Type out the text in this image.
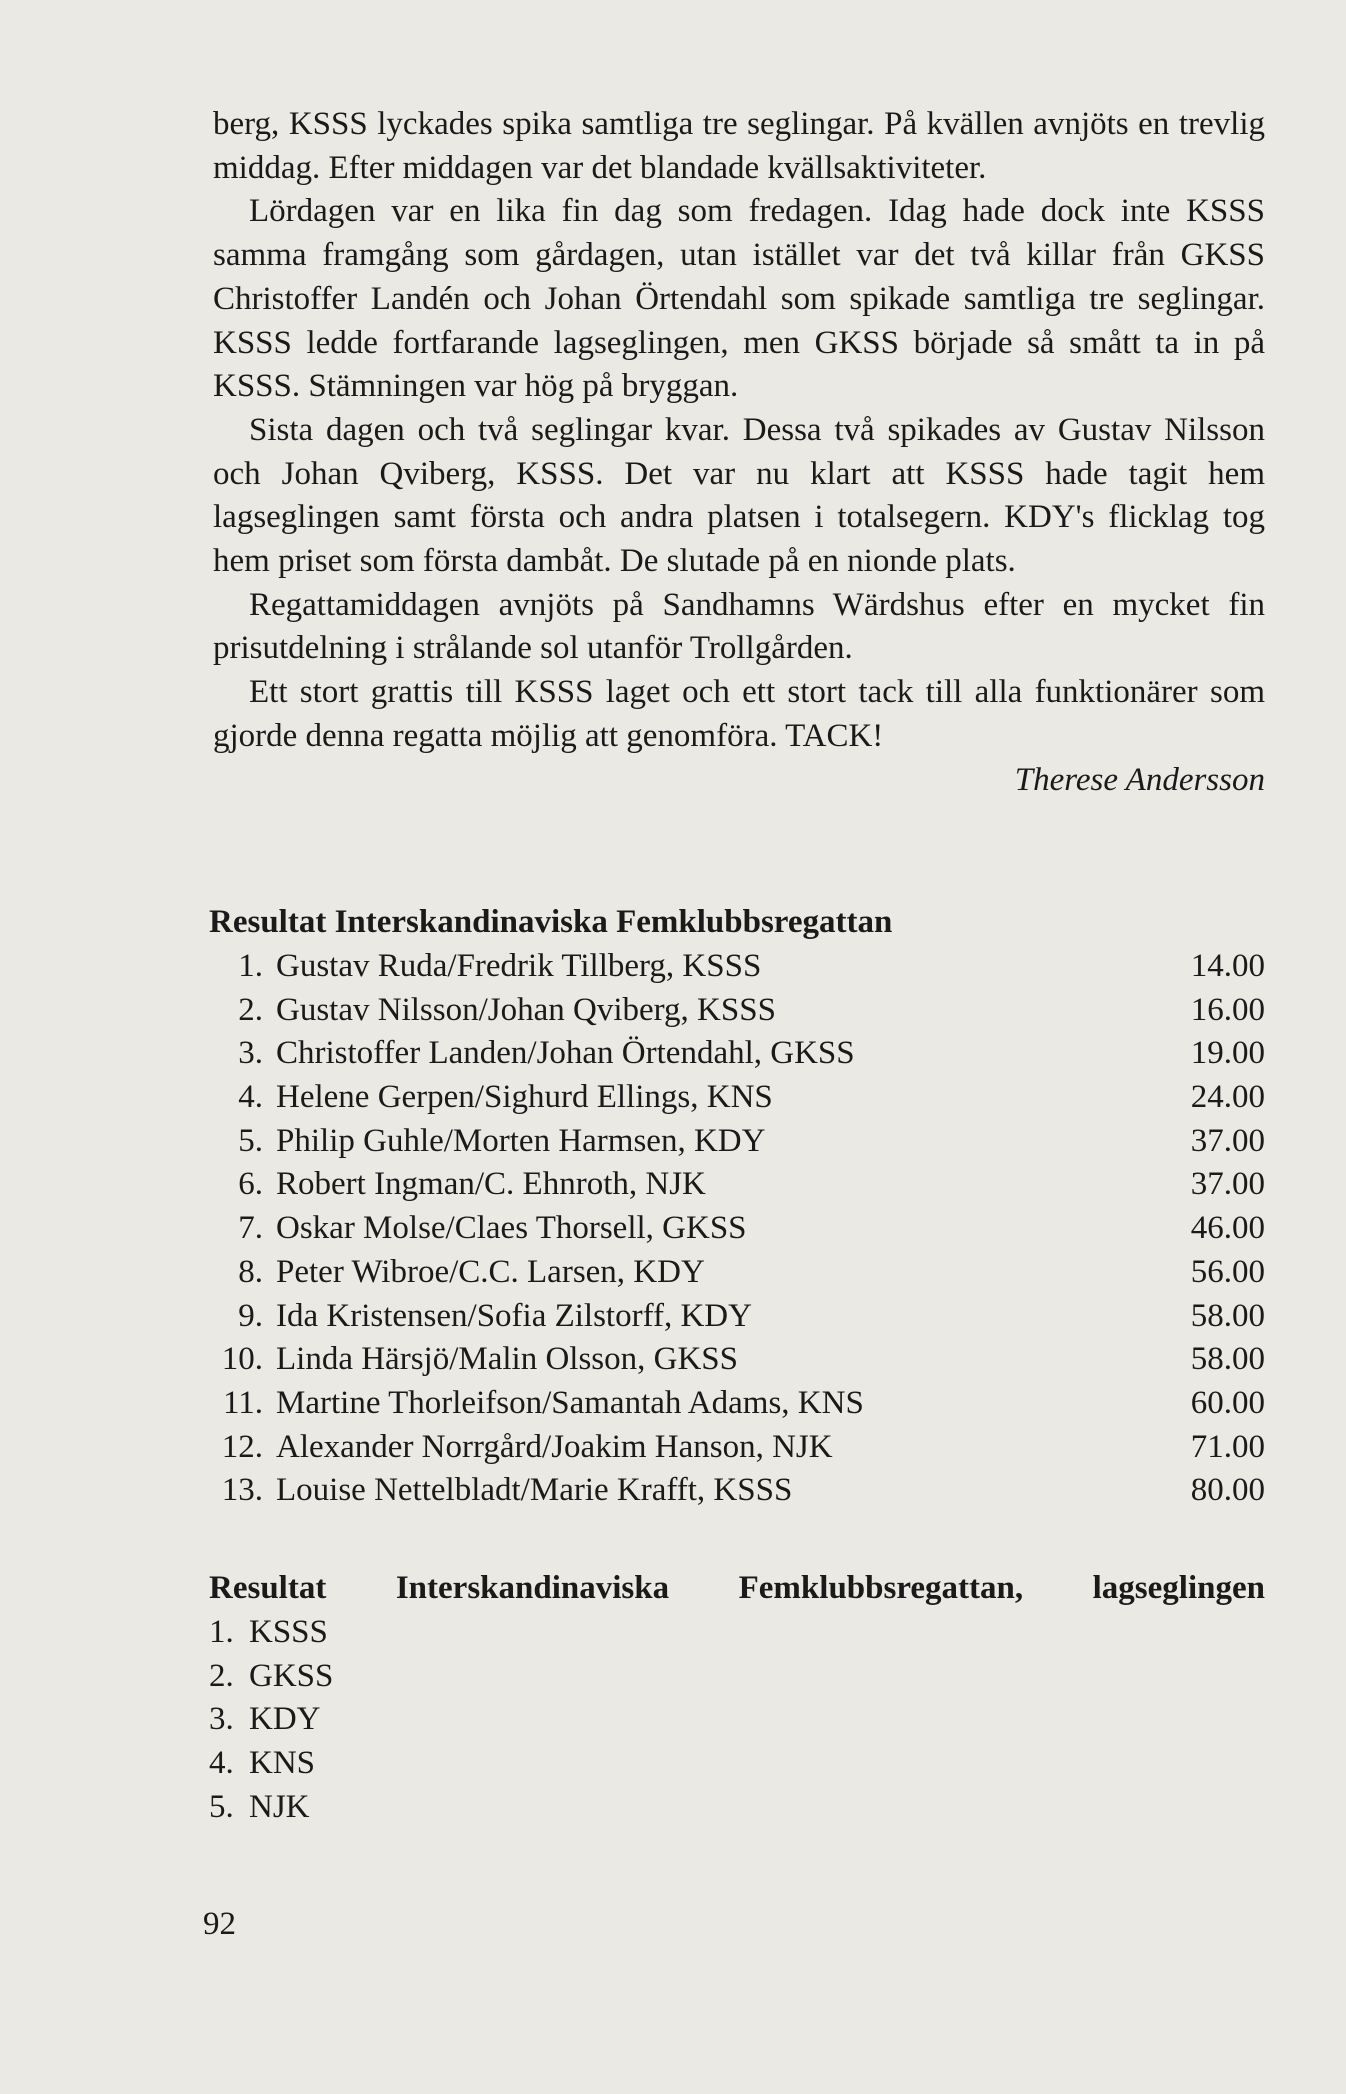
berg, KSSS lyckades spika samtliga tre seglingar. På kvällen avnjöts en trevlig middag. Efter middagen var det blandade kvällsaktiviteter.

Lördagen var en lika fin dag som fredagen. Idag hade dock inte KSSS samma framgång som gårdagen, utan istället var det två killar från GKSS Christoffer Landén och Johan Örtendahl som spikade samtliga tre seglingar. KSSS ledde fortfarande lagseglingen, men GKSS började så smått ta in på KSSS. Stämningen var hög på bryggan.

Sista dagen och två seglingar kvar. Dessa två spikades av Gustav Nilsson och Johan Qviberg, KSSS. Det var nu klart att KSSS hade tagit hem lagseglingen samt första och andra platsen i totalsegern. KDY's flicklag tog hem priset som första dambåt. De slutade på en nionde plats.

Regattamiddagen avnjöts på Sandhamns Wärdshus efter en mycket fin prisutdelning i strålande sol utanför Trollgården.

Ett stort grattis till KSSS laget och ett stort tack till alla funktionärer som gjorde denna regatta möjlig att genomföra. TACK!

Therese Andersson

Resultat Interskandinaviska Femklubbsregattan
1. Gustav Ruda/Fredrik Tillberg, KSSS	14.00
2. Gustav Nilsson/Johan Qviberg, KSSS	16.00
3. Christoffer Landen/Johan Örtendahl, GKSS	19.00
4. Helene Gerpen/Sighurd Ellings, KNS	24.00
5. Philip Guhle/Morten Harmsen, KDY	37.00
6. Robert Ingman/C. Ehnroth, NJK	37.00
7. Oskar Molse/Claes Thorsell, GKSS	46.00
8. Peter Wibroe/C.C. Larsen, KDY	56.00
9. Ida Kristensen/Sofia Zilstorff, KDY	58.00
10. Linda Härsjö/Malin Olsson, GKSS	58.00
11. Martine Thorleifson/Samantah Adams, KNS	60.00
12. Alexander Norrgård/Joakim Hanson, NJK	71.00
13. Louise Nettelbladt/Marie Krafft, KSSS	80.00
Resultat Interskandinaviska Femklubbsregattan, lagseglingen
1. KSSS
2. GKSS
3. KDY
4. KNS
5. NJK
92
